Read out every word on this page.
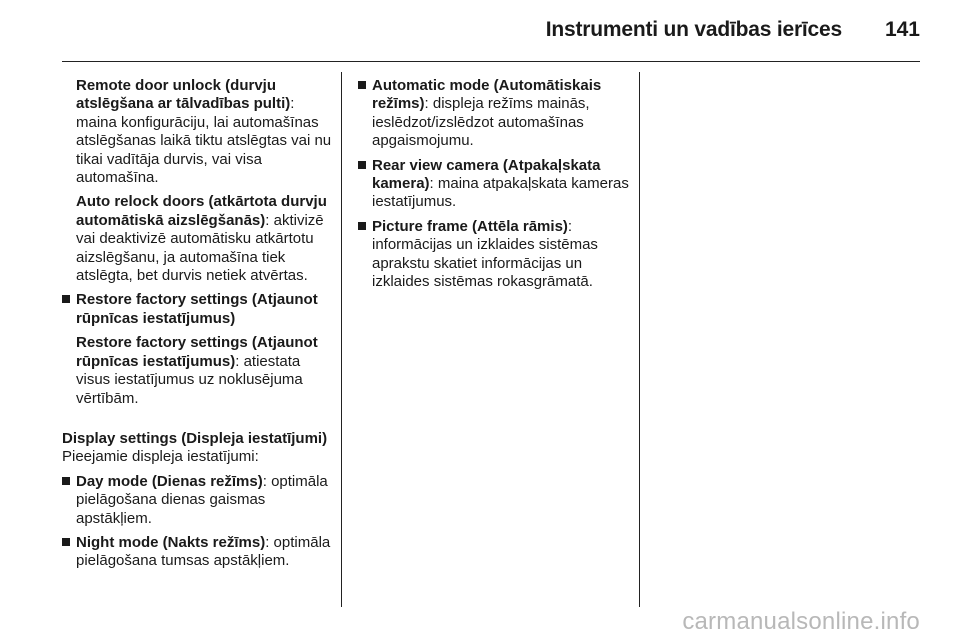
Instrumenti un vadības ierīces 141

Remote door unlock (durvju atslēgšana ar tālvadības pulti): maina konfigurāciju, lai automašīnas atslēgšanas laikā tiktu atslēgtas vai nu tikai vadītāja durvis, vai visa automašīna.

Auto relock doors (atkārtota durvju automātiskā aizslēgšanās): aktivizē vai deaktivizē automātisku atkārtotu aizslēgšanu, ja automašīna tiek atslēgta, bet durvis netiek atvērtas.

Restore factory settings (Atjaunot rūpnīcas iestatījumus)

Restore factory settings (Atjaunot rūpnīcas iestatījumus): atiestata visus iestatījumus uz noklusējuma vērtībām.

Display settings (Displeja iestatījumi)

Pieejamie displeja iestatījumi:

Day mode (Dienas režīms): optimāla pielāgošana dienas gaismas apstākļiem.
Night mode (Nakts režīms): optimāla pielāgošana tumsas apstākļiem.
Automatic mode (Automātiskais režīms): displeja režīms mainās, ieslēdzot/izslēdzot automašīnas apgaismojumu.
Rear view camera (Atpakaļskata kamera): maina atpakaļskata kameras iestatījumus.
Picture frame (Attēla rāmis): informācijas un izklaides sistēmas aprakstu skatiet informācijas un izklaides sistēmas rokasgrāmatā.
carmanualsonline.info
